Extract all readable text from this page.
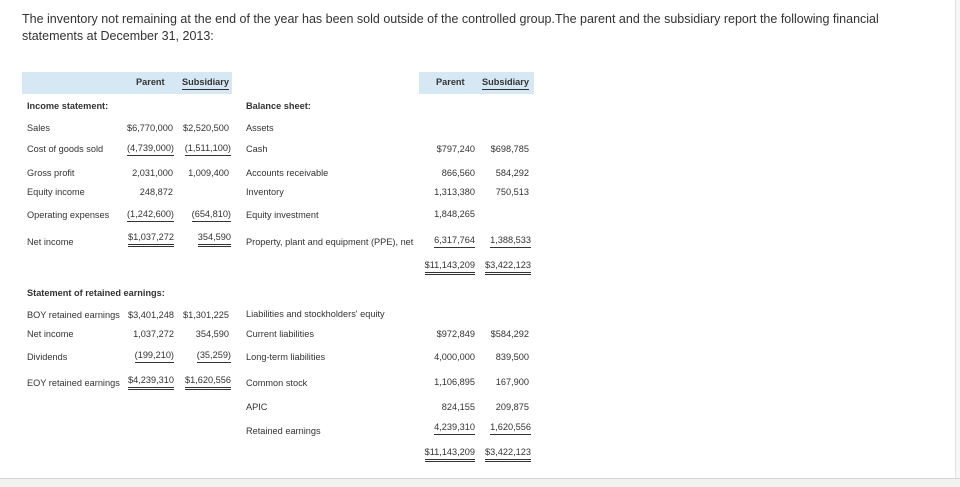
The inventory not remaining at the end of the year has been sold outside of the controlled group.The parent and the subsidiary report the following financial statements at December 31, 2013:
Parent Subsidiary
Income statement:
Sales	$6,770,000 $2,520,500
Cost of goods sold	(4,739,000) (1,511,100)
Gross profit	2,031,000 1,009,400
Equity income	248,872
Operating expenses (1,242,600) (654,810)
Net income	$1,037,272	354,590
Statement of retained earnings:
BOY retained earnings $3,401,248 $1,301,225
Net income	1,037,272 354,590
Dividends	(199,210) (35,259)
EOY retained earnings $4,239,310 $1,620,556
Parent Subsidiary
Balance sheet:
Assets
Cash	$797,240 $698,785
Accounts receivable	866,560 584,292
Inventory	1,313,380 750,513
Equity investment	1,848,265
Property, plant and equipment (PPE), net 6,317,764 1,388,533
$11,143,209 $3,422,123
Liabilities and stockholders' equity
Current liabilities	$972,849 $584,292
Long-term liabilities	4,000,000 839,500
Common stock	1,106,895 167,900
APIC	824,155 209,875
Retained earnings	4,239,310 1,620,556
$11,143,209 $3,422,123
